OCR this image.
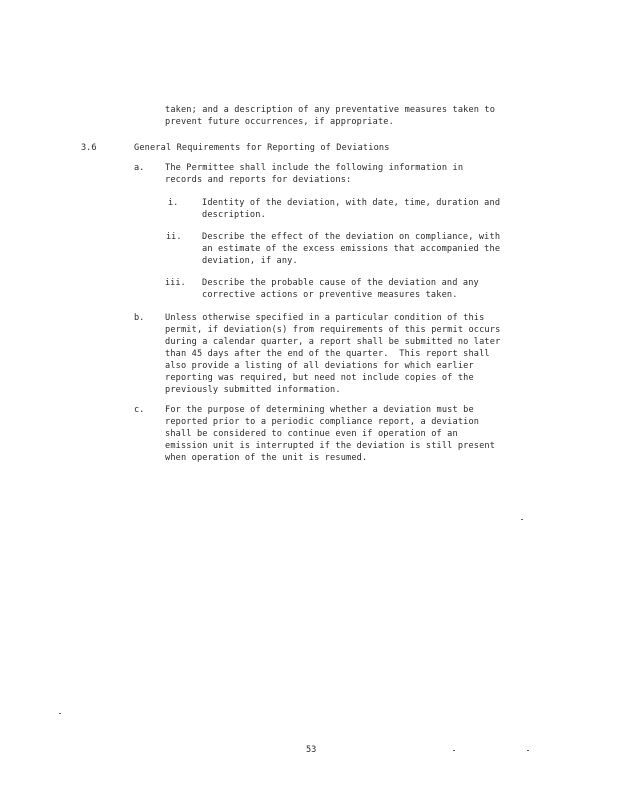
taken; and a description of any preventative measures taken to
prevent future occurrences, if appropriate.
3.6	General Requirements for Reporting of Deviations
a. The Permittee shall include the following information in
records and reports for deviations:
i.	Identity of the deviation, with date, time, duration and
description.
ii. Describe the effect of the deviation on compliance, with
an estimate of the excess emissions that accompanied the
deviation, if any.
iii. Describe the probable cause of the deviation and any
corrective actions or preventive measures taken.
b. Unless otherwise specified in a particular condition of this
permit, if deviation(s) from requirements of this permit occurs
during a calendar quarter, a report shall be submitted no later
than 45 days after the end of the quarter.  This report shall
also provide a listing of all deviations for which earlier
reporting was required, but need not include copies of the
previously submitted information.
c. For the purpose of determining whether a deviation must be
reported prior to a periodic compliance report, a deviation
shall be considered to continue even if operation of an
emission unit is interrupted if the deviation is still present
when operation of the unit is resumed.
53
